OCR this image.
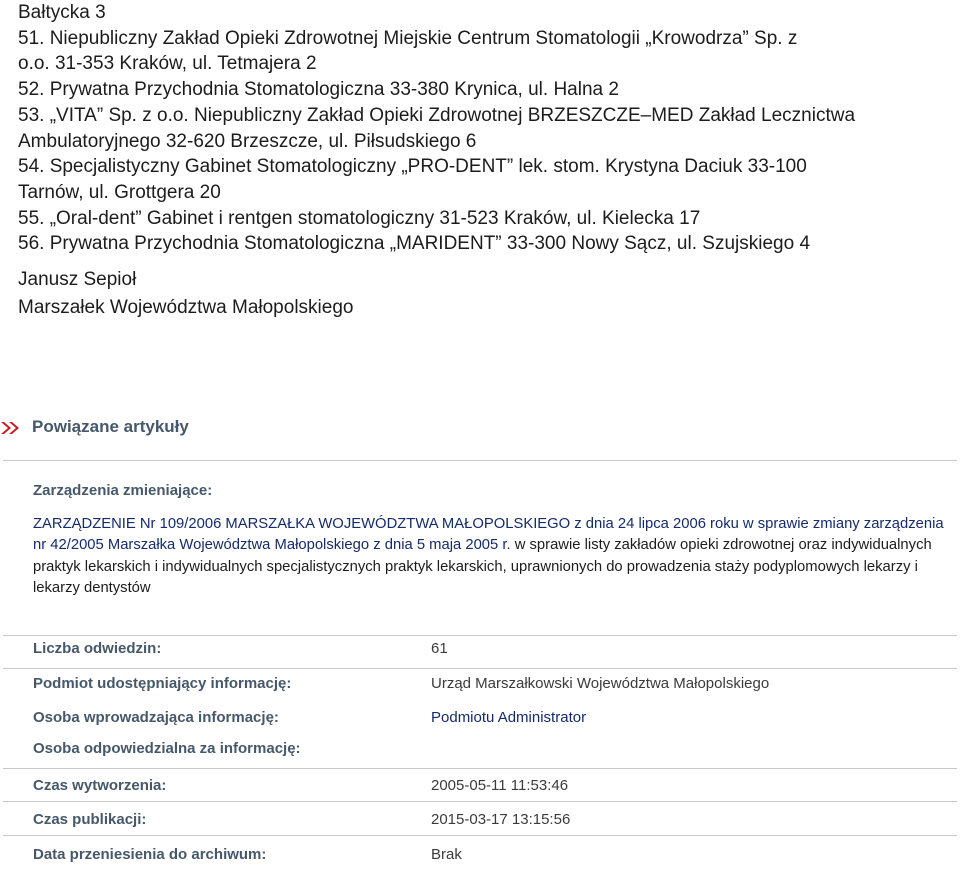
Bałtycka 3

51. Niepubliczny Zakład Opieki Zdrowotnej Miejskie Centrum Stomatologii „Krowodrza” Sp. z

o.o. 31-353 Kraków, ul. Tetmajera 2

52. Prywatna Przychodnia Stomatologiczna 33-380 Krynica, ul. Halna 2

53. „VITA” Sp. z o.o. Niepubliczny Zakład Opieki Zdrowotnej BRZESZCZE–MED Zakład Lecznictwa

Ambulatoryjnego 32-620 Brzeszcze, ul. Piłsudskiego 6

54. Specjalistyczny Gabinet Stomatologiczny „PRO-DENT” lek. stom. Krystyna Daciuk 33-100

Tarnów, ul. Grottgera 20

55. „Oral-dent” Gabinet i rentgen stomatologiczny 31-523 Kraków, ul. Kielecka 17

56. Prywatna Przychodnia Stomatologiczna „MARIDENT” 33-300 Nowy Sącz, ul. Szujskiego 4

Janusz Sepioł
Marszałek Województwa Małopolskiego
Powiązane artykuły
Zarządzenia zmieniające:
ZARZĄDZENIE Nr 109/2006 MARSZAŁKA WOJEWÓDZTWA MAŁOPOLSKIEGO z dnia 24 lipca 2006 roku w sprawie zmiany zarządzenia nr 42/2005 Marszałka Województwa Małopolskiego z dnia 5 maja 2005 r. w sprawie listy zakładów opieki zdrowotnej oraz indywidualnych praktyk lekarskich i indywidualnych specjalistycznych praktyk lekarskich, uprawnionych do prowadzenia staży podyplomowych lekarzy i lekarzy dentystów
Liczba odwiedzin:	61
Podmiot udostępniający informację:	Urząd Marszałkowski Województwa Małopolskiego
Osoba wprowadzająca informację:	Podmiotu Administrator
Osoba odpowiedzialna za informację:
Czas wytworzenia:	2005-05-11 11:53:46
Czas publikacji:	2015-03-17 13:15:56
Data przeniesienia do archiwum:	Brak
